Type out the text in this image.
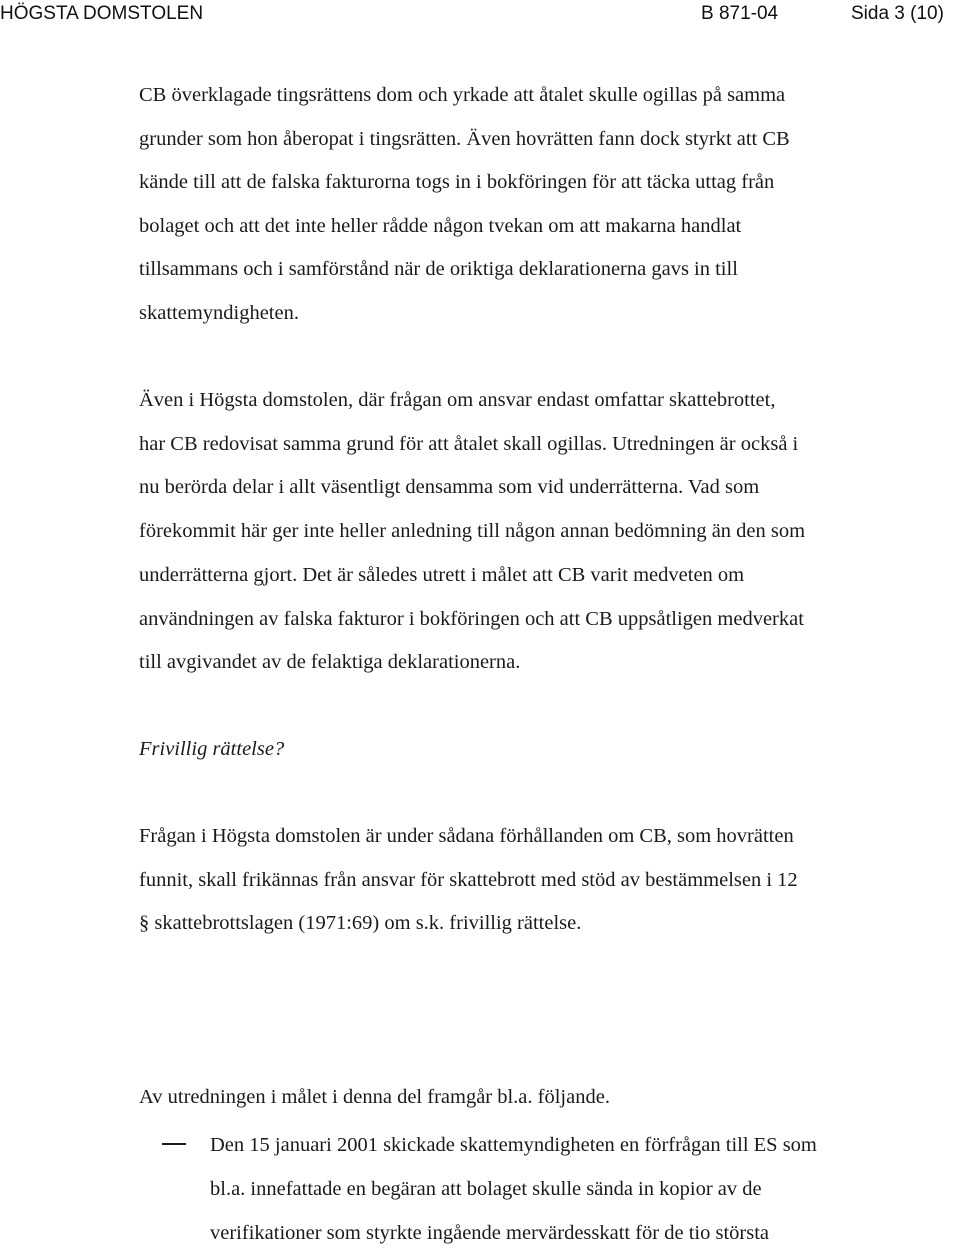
HÖGSTA DOMSTOLEN	B 871-04	Sida 3 (10)
CB överklagade tingsrättens dom och yrkade att åtalet skulle ogillas på samma
grunder som hon åberopat i tingsrätten. Även hovrätten fann dock styrkt att CB
kände till att de falska fakturorna togs in i bokföringen för att täcka uttag från
bolaget och att det inte heller rådde någon tvekan om att makarna handlat
tillsammans och i samförstånd när de oriktiga deklarationerna gavs in till
skattemyndigheten.
Även i Högsta domstolen, där frågan om ansvar endast omfattar skattebrottet,
har CB redovisat samma grund för att åtalet skall ogillas. Utredningen är också i
nu berörda delar i allt väsentligt densamma som vid underrätterna. Vad som
förekommit här ger inte heller anledning till någon annan bedömning än den som
underrätterna gjort. Det är således utrett i målet att CB varit medveten om
användningen av falska fakturor i bokföringen och att CB uppsåtligen medverkat
till avgivandet av de felaktiga deklarationerna.
Frivillig rättelse?
Frågan i Högsta domstolen är under sådana förhållanden om CB, som hovrätten
funnit, skall frikännas från ansvar för skattebrott med stöd av bestämmelsen i 12
§ skattebrottslagen (1971:69) om s.k. frivillig rättelse.
Av utredningen i målet i denna del framgår bl.a. följande.
Den 15 januari 2001 skickade skattemyndigheten en förfrågan till ES som
bl.a. innefattade en begäran att bolaget skulle sända in kopior av de
verifikationer som styrkte ingående mervärdesskatt för de tio största
